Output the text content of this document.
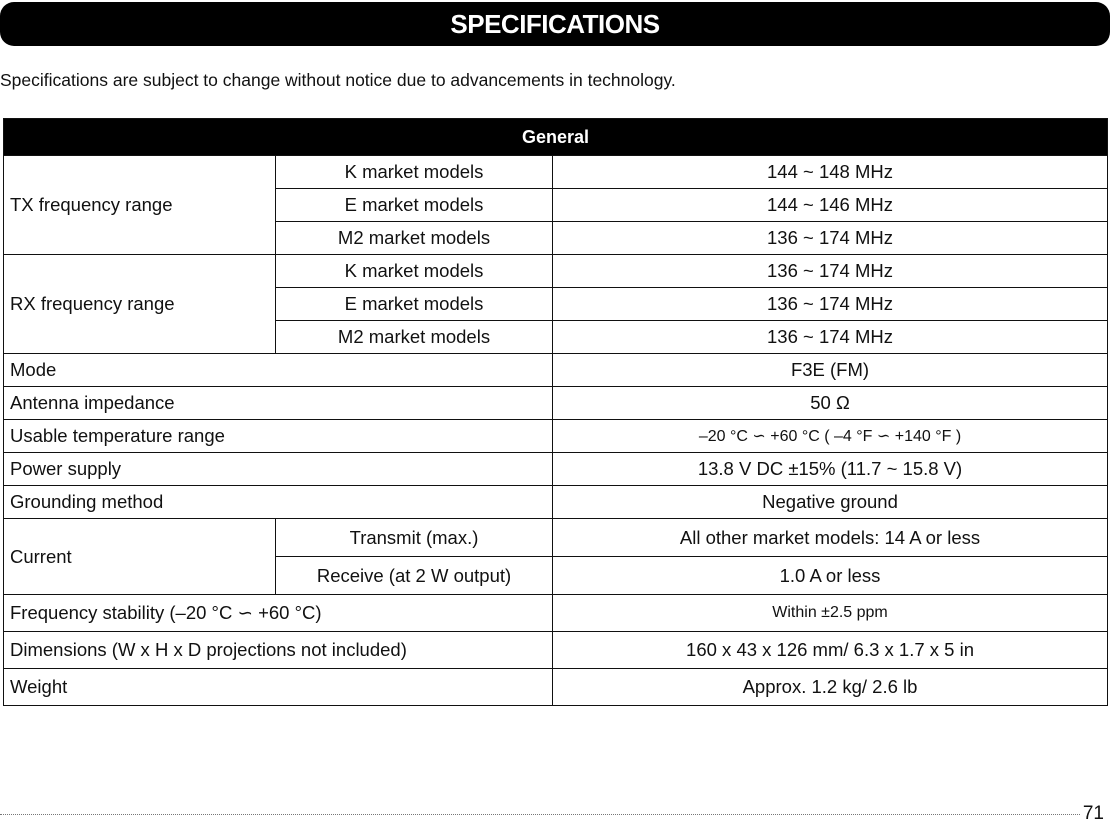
SPECIFICATIONS
Specifications are subject to change without notice due to advancements in technology.
General		
TX frequency range	K market models	144 ~ 148 MHz
	E market models	144 ~ 146 MHz
	M2 market models	136 ~ 174 MHz
RX frequency range	K market models	136 ~ 174 MHz
	E market models	136 ~ 174 MHz
	M2 market models	136 ~ 174 MHz
Mode		F3E (FM)
Antenna impedance		50 Ω
Usable temperature range		–20 °C ∽ +60 °C ( –4 °F ∽ +140 °F )
Power supply		13.8 V DC ±15% (11.7 ~ 15.8 V)
Grounding method		Negative ground
Current	Transmit (max.)	All other market models: 14 A or less
	Receive (at 2 W output)	1.0 A or less
Frequency stability (–20 °C ∽ +60 °C)		Within ±2.5 ppm
Dimensions (W x H x D projections not included)		160 x 43 x 126 mm/ 6.3 x 1.7 x 5 in
Weight		Approx. 1.2 kg/ 2.6 lb
71
